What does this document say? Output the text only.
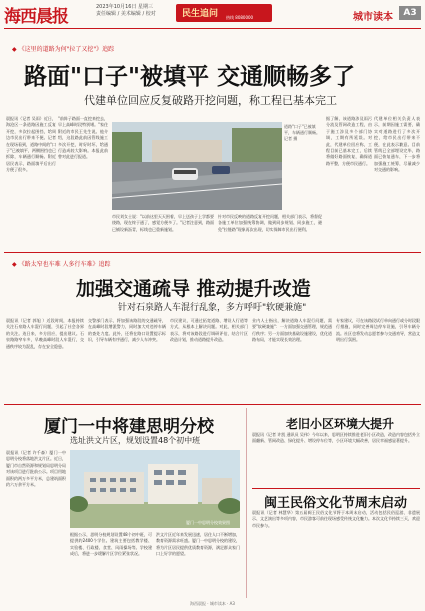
海西晨报	2023年10月16日 星期三
责任编辑 / 美术编辑 / 校对	民生追问 热线 8080000	城市读本	A3
◆ 《这里的道路为何"拉了又挖"》追踪
路面"口子"被填平 交通顺畅多了
代建单位回应反复破路开挖问题，称工程已基本完工
晨报讯（记者 吴雨）近日，海沧区一条道路因施工反复开挖，多次拉起围挡，给周边市民出行带来不便。记者在现场看到，道路中间的"口子"已被填平，两侧围挡也已拆除，车辆通行顺畅。附近居民表示，路面填平后出行方便了很多。
"前阵子路面一直挖来挖去，早上高峰时段特别堵。"家住附近的市民王先生说。他介绍，这段路此前因管线施工多次开挖，时好时坏，给通行造成较大影响。本报此前曾对此进行报道。
道路"口子"已被填平，车辆通行顺畅。记者 摄
据了解，该道路涉及雨污分流及管网改造工程，由于施工涉及多个部门协调，工期有所延误。对此，代建单位回应称，工程目前已基本完工，后续将做好路面恢复，确保道路平整，方便市民通行。
代建单位相关负责人表示，前期因施工需要，确实对道路进行了多次开挖，给市民出行带来不便，在此表示歉意。目前管线已全部埋设完毕，路面已恢复通车，下一步将加强施工统筹，尽量减少对交通的影响。
市民刘女士说："以前这里天天围着，早上送孩子上学都要绕路，现在终于通了，感觉方便多了。"记者注意到，路面已铺设新沥青，标线也已重新施划。
针对市民反映的道路反复开挖问题，相关部门表示，将督促各施工单位加强统筹协调，做到同步规划、同步施工，避免"拉链路"现象再次出现，切实保障市民出行便利。
◆ 《路太窄也车难 人多行车难》追踪
加强交通疏导 推动提升改造
针对石泉路人车混行乱象，多方呼吁"软硬兼施"
晨报讯（记者 郭旭 ）近段时间，本报持续关注石泉路人车混行问题，引起了社会各界的关注。连日来，多方回应，提出建议。石泉路路窄车多，早晚高峰时段人车混行，交通秩序较为混乱，存在安全隐患。
交警部门表示，将加强该路段的交通疏导，在高峰时段增派警力，同时加大对违停车辆的查处力度。此外，还将在路口设置提示标识，引导车辆有序通行，减少人车冲突。
市民建议，可通过拓宽道路、增设人行道等方式，从根本上解决问题。对此，相关部门表示，将对该路段进行调研评估，结合片区改造计划，推动道路提升改造。
业内人士指出，解决道路人车混行问题，需要"软硬兼施"：一方面加强交通管理，规范通行秩序；另一方面加快基础设施建设，优化道路布局，才能实现长效治理。
专家建议，可在该路段试行单向通行或分时段限行措施，同时完善周边停车设施，引导车辆分流。社区也将发动志愿者参与交通劝导，营造文明出行氛围。
厦门一中将建思明分校
选址洪文片区，规划设置48个初中班
晨报讯（记者 许千森）厦门一中思明分校将落地洪文片区。近日，厦门市自然资源和规划局思明分局对该项目进行批前公示。项目用地面积约两万多平方米，总建筑面积约六万余平方米。
厦门一中思明分校效果图
根据公示，思明分校规划设置48个初中班，可提供约2400个学位。建筑主要包括教学楼、实验楼、行政楼、食堂、风雨操场等。学校建成后，将进一步缓解片区学位紧张状况。
洪文片区近年来发展迅速，居住人口不断增加，教育资源需求旺盛。厦门一中思明分校的建设，将为片区居民提供优质教育资源，满足群众家门口上好学的愿望。
老旧小区环境大提升
晨报讯（记者 许凯 通讯员 吴伟）今年以来，思明区持续推进老旧小区改造，改造内容包括外立面翻新、管网改造、绿化提升、增设停车位等，小区环境大幅改善，居民幸福感显著提升。
闽王民俗文化节周末启动
晨报讯（记者 林慧华）第五届闽王民俗文化节将于本周末启动，活动包括民俗巡游、非遗展示、文艺演出等多项内容，市民游客可前往现场感受传统文化魅力。本次文化节持续三天，欢迎市民参与。
海西晨报 · 城市读本 · A3
